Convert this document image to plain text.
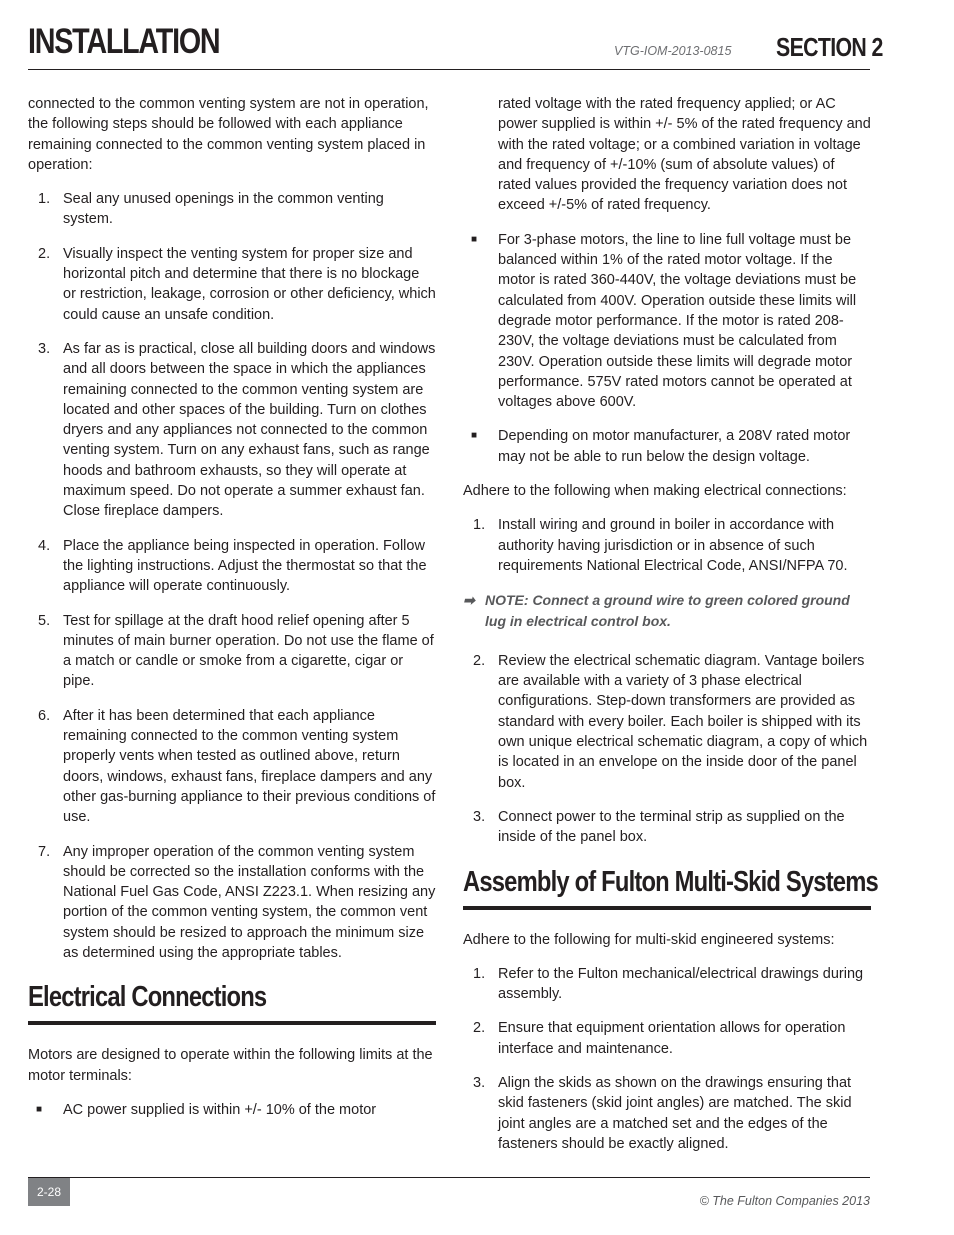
INSTALLATION	VTG-IOM-2013-0815 SECTION 2

connected to the common venting system are not in operation, the following steps should be followed with each appliance remaining connected to the common venting system placed in operation:

1. Seal any unused openings in the common venting system.
2. Visually inspect the venting system for proper size and horizontal pitch and determine that there is no blockage or restriction, leakage, corrosion or other deficiency, which could cause an unsafe condition.
3. As far as is practical, close all building doors and windows and all doors between the space in which the appliances remaining connected to the common venting system are located and other spaces of the building. Turn on clothes dryers and any appliances not connected to the common venting system. Turn on any exhaust fans, such as range hoods and bathroom exhausts, so they will operate at maximum speed. Do not operate a summer exhaust fan. Close fireplace dampers.
4. Place the appliance being inspected in operation. Follow the lighting instructions. Adjust the thermostat so that the appliance will operate continuously.
5. Test for spillage at the draft hood relief opening after 5 minutes of main burner operation. Do not use the flame of a match or candle or smoke from a cigarette, cigar or pipe.
6. After it has been determined that each appliance remaining connected to the common venting system properly vents when tested as outlined above, return doors, windows, exhaust fans, fireplace dampers and any other gas-burning appliance to their previous conditions of use.
7. Any improper operation of the common venting system should be corrected so the installation conforms with the National Fuel Gas Code, ANSI Z223.1. When resizing any portion of the common venting system, the common vent system should be resized to approach the minimum size as determined using the appropriate tables.
Electrical Connections

Motors are designed to operate within the following limits at the motor terminals:

■ AC power supplied is within +/- 10% of the motor
rated voltage with the rated frequency applied; or AC power supplied is within +/- 5% of the rated frequency and with the rated voltage; or a combined variation in voltage and frequency of +/-10% (sum of absolute values) of rated values provided the frequency variation does not exceed +/-5% of rated frequency.
■ For 3-phase motors, the line to line full voltage must be balanced within 1% of the rated motor voltage. If the motor is rated 360-440V, the voltage deviations must be calculated from 400V. Operation outside these limits will degrade motor performance. If the motor is rated 208-230V, the voltage deviations must be calculated from 230V. Operation outside these limits will degrade motor performance. 575V rated motors cannot be operated at voltages above 600V.
■ Depending on motor manufacturer, a 208V rated motor may not be able to run below the design voltage.

Adhere to the following when making electrical connections:

1. Install wiring and ground in boiler in accordance with authority having jurisdiction or in absence of such requirements National Electrical Code, ANSI/NFPA 70.
➡ NOTE: Connect a ground wire to green colored ground lug in electrical control box.
2. Review the electrical schematic diagram. Vantage boilers are available with a variety of 3 phase electrical configurations. Step-down transformers are provided as standard with every boiler. Each boiler is shipped with its own unique electrical schematic diagram, a copy of which is located in an envelope on the inside door of the panel box.
3. Connect power to the terminal strip as supplied on the inside of the panel box.
Assembly of Fulton Multi-Skid Systems

Adhere to the following for multi-skid engineered systems:

1. Refer to the Fulton mechanical/electrical drawings during assembly.
2. Ensure that equipment orientation allows for operation interface and maintenance.
3. Align the skids as shown on the drawings ensuring that skid fasteners (skid joint angles) are matched. The skid joint angles are a matched set and the edges of the fasteners should be exactly aligned.
2-28
© The Fulton Companies 2013
